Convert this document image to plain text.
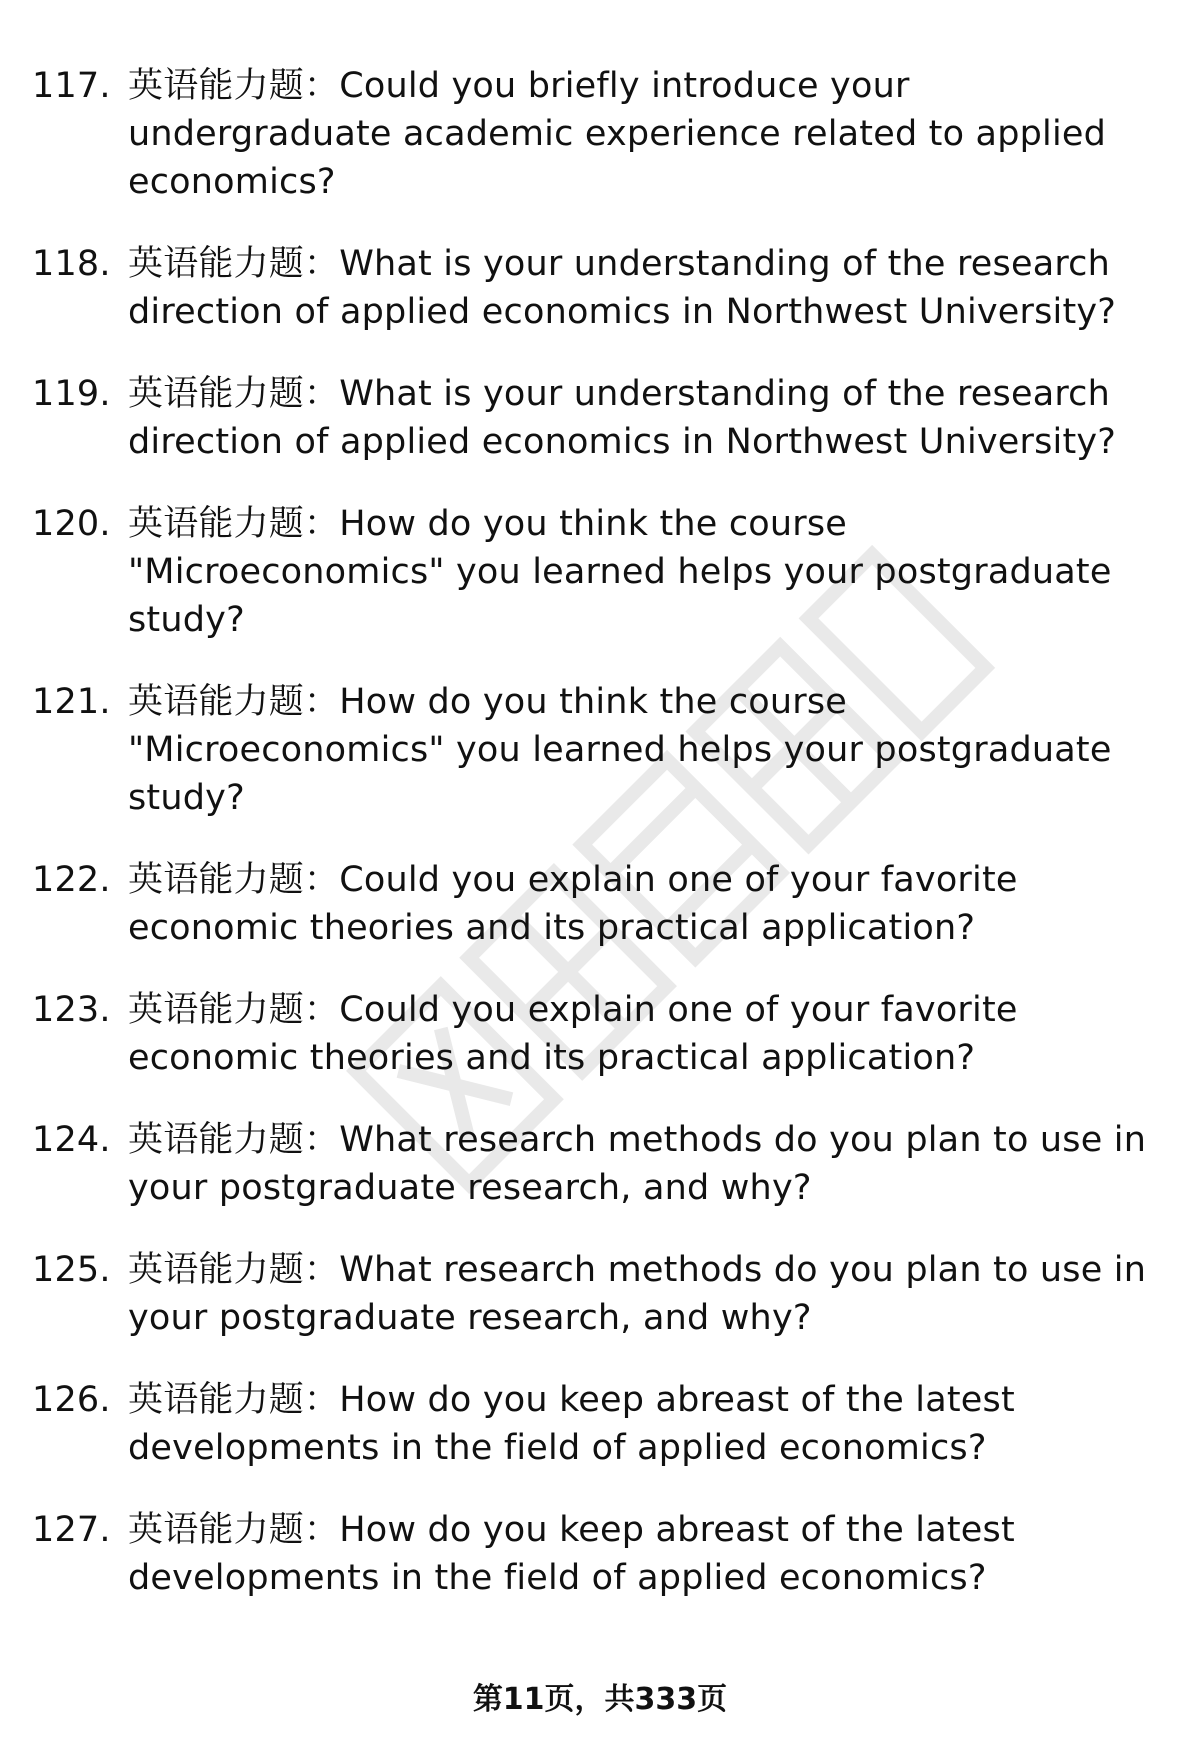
117. 英语能力题：Could you briefly introduce your undergraduate academic experience related to applied economics?
118. 英语能力题：What is your understanding of the research direction of applied economics in Northwest University?
119. 英语能力题：What is your understanding of the research direction of applied economics in Northwest University?
120. 英语能力题：How do you think the course "Microeconomics" you learned helps your postgraduate study?
121. 英语能力题：How do you think the course "Microeconomics" you learned helps your postgraduate study?
122. 英语能力题：Could you explain one of your favorite economic theories and its practical application?
123. 英语能力题：Could you explain one of your favorite economic theories and its practical application?
124. 英语能力题：What research methods do you plan to use in your postgraduate research, and why?
125. 英语能力题：What research methods do you plan to use in your postgraduate research, and why?
126. 英语能力题：How do you keep abreast of the latest developments in the field of applied economics?
127. 英语能力题：How do you keep abreast of the latest developments in the field of applied economics?
第11页，共333页
